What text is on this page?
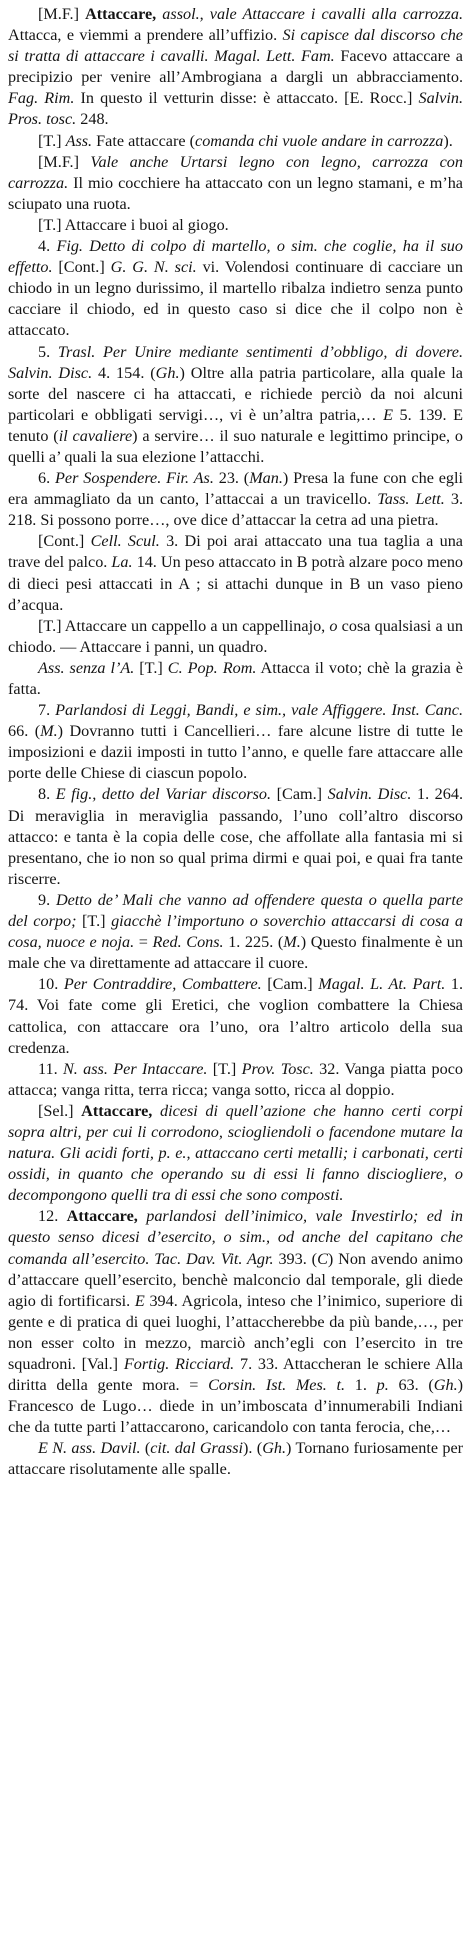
[M.F.] Attaccare, assol., vale Attaccare i cavalli alla carrozza. Attacca, e viemmi a prendere all’uffizio. Si capisce dal discorso che si tratta di attaccare i cavalli. Magal. Lett. Fam. Facevo attaccare a precipizio per venire all’Ambrogiana a dargli un abbracciamento. Fag. Rim. In questo il vetturin disse: è attaccato. [E. Rocc.] Salvin. Pros. tosc. 248.

[T.] Ass. Fate attaccare (comanda chi vuole andare in carrozza).

[M.F.] Vale anche Urtarsi legno con legno, carrozza con carrozza. Il mio cocchiere ha attaccato con un legno stamani, e m’ha sciupato una ruota.

[T.] Attaccare i buoi al giogo.

4. Fig. Detto di colpo di martello, o sim. che coglie, ha il suo effetto. [Cont.] G. G. N. sci. vi. Volendosi continuare di cacciare un chiodo in un legno durissimo, il martello ribalza indietro senza punto cacciare il chiodo, ed in questo caso si dice che il colpo non è attaccato.

5. Trasl. Per Unire mediante sentimenti d’obbligo, di dovere. Salvin. Disc. 4. 154. (Gh.) Oltre alla patria particolare, alla quale la sorte del nascere ci ha attaccati, e richiede perciò da noi alcuni particolari e obbligati servigi…, vi è un’altra patria,… E 5. 139. E tenuto (il cavaliere) a servire… il suo naturale e legittimo principe, o quelli a’ quali la sua elezione l’attacchi.

6. Per Sospendere. Fir. As. 23. (Man.) Presa la fune con che egli era ammagliato da un canto, l’attaccai a un travicello. Tass. Lett. 3. 218. Si possono porre…, ove dice d’attaccar la cetra ad una pietra.

[Cont.] Cell. Scul. 3. Di poi arai attaccato una tua taglia a una trave del palco. La. 14. Un peso attaccato in B potrà alzare poco meno di dieci pesi attaccati in A ; si attachi dunque in B un vaso pieno d’acqua.

[T.] Attaccare un cappello a un cappellinajo, o cosa qualsiasi a un chiodo. — Attaccare i panni, un quadro.

Ass. senza l’A. [T.] C. Pop. Rom. Attacca il voto; chè la grazia è fatta.

7. Parlandosi di Leggi, Bandi, e sim., vale Affiggere. Inst. Canc. 66. (M.) Dovranno tutti i Cancellieri… fare alcune listre di tutte le imposizioni e dazii imposti in tutto l’anno, e quelle fare attaccare alle porte delle Chiese di ciascun popolo.

8. E fig., detto del Variar discorso. [Cam.] Salvin. Disc. 1. 264. Di meraviglia in meraviglia passando, l’uno coll’altro discorso attacco: e tanta è la copia delle cose, che affollate alla fantasia mi si presentano, che io non so qual prima dirmi e quai poi, e quai fra tante riscerre.

9. Detto de’ Mali che vanno ad offendere questa o quella parte del corpo; [T.] giacchè l’importuno o soverchio attaccarsi di cosa a cosa, nuoce e noja. = Red. Cons. 1. 225. (M.) Questo finalmente è un male che va direttamente ad attaccare il cuore.

10. Per Contraddire, Combattere. [Cam.] Magal. L. At. Part. 1. 74. Voi fate come gli Eretici, che voglion combattere la Chiesa cattolica, con attaccare ora l’uno, ora l’altro articolo della sua credenza.

11. N. ass. Per Intaccare. [T.] Prov. Tosc. 32. Vanga piatta poco attacca; vanga ritta, terra ricca; vanga sotto, ricca al doppio.

[Sel.] Attaccare, dicesi di quell’azione che hanno certi corpi sopra altri, per cui li corrodono, sciogliendoli o facendone mutare la natura. Gli acidi forti, p. e., attaccano certi metalli; i carbonati, certi ossidi, in quanto che operando su di essi li fanno disciogliere, o decompongono quelli tra di essi che sono composti.

12. Attaccare, parlandosi dell’inimico, vale Investirlo; ed in questo senso dicesi d’esercito, o sim., od anche del capitano che comanda all’esercito. Tac. Dav. Vit. Agr. 393. (C) Non avendo animo d’attaccare quell’esercito, benchè malconcio dal temporale, gli diede agio di fortificarsi. E 394. Agricola, inteso che l’inimico, superiore di gente e di pratica di quei luoghi, l’attaccherebbe da più bande,…, per non esser colto in mezzo, marciò anch’egli con l’esercito in tre squadroni. [Val.] Fortig. Ricciard. 7. 33. Attaccheran le schiere Alla diritta della gente mora. = Corsin. Ist. Mes. t. 1. p. 63. (Gh.) Francesco de Lugo… diede in un’imboscata d’innumerabili Indiani che da tutte parti l’attaccarono, caricandolo con tanta ferocia, che,…

E N. ass. Davil. (cit. dal Grassi). (Gh.) Tornano furiosamente per attaccare risolutamente alle spalle.
